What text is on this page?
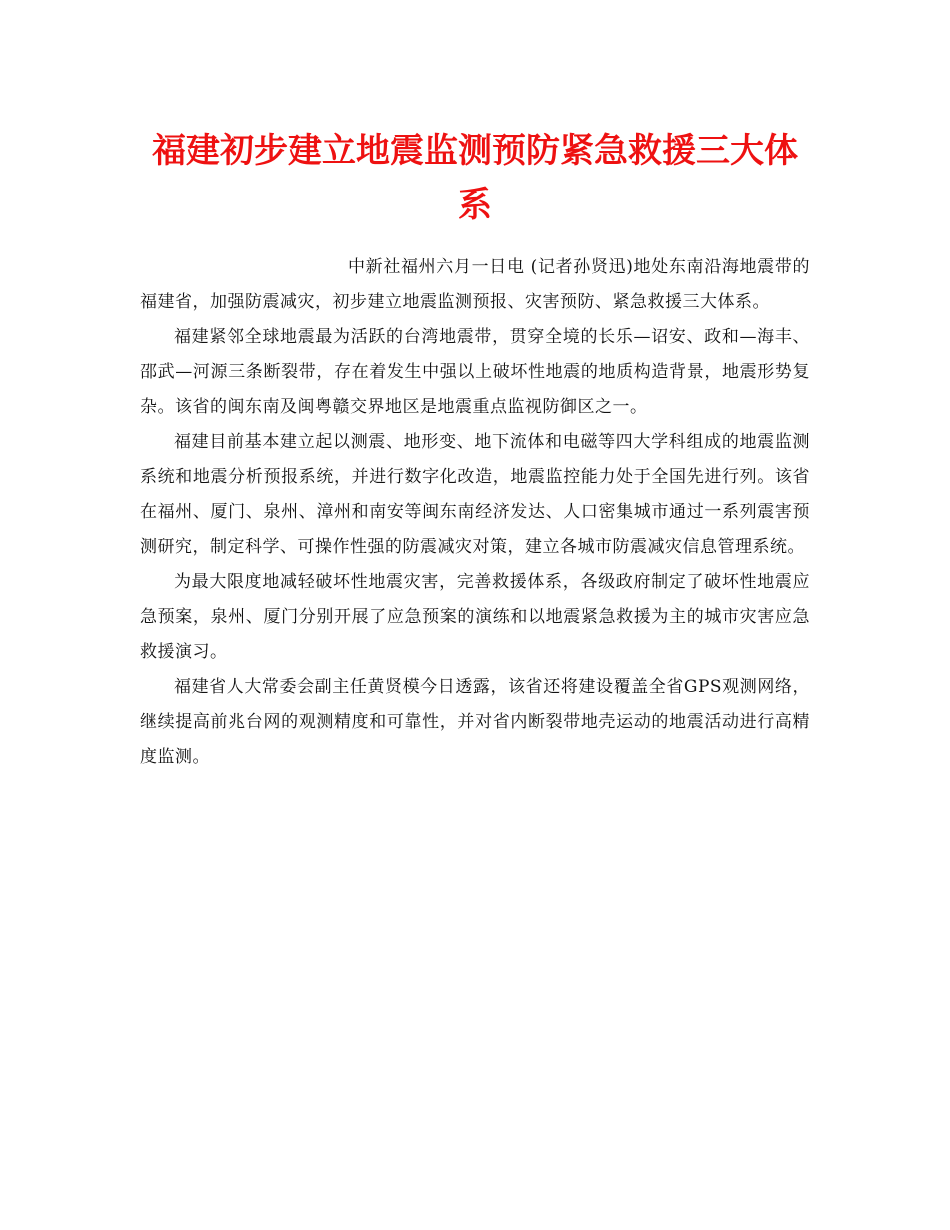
福建初步建立地震监测预防紧急救援三大体系

中新社福州六月一日电 (记者孙贤迅)地处东南沿海地震带的福建省，加强防震减灾，初步建立地震监测预报、灾害预防、紧急救援三大体系。

福建紧邻全球地震最为活跃的台湾地震带，贯穿全境的长乐—诏安、政和—海丰、邵武—河源三条断裂带，存在着发生中强以上破坏性地震的地质构造背景，地震形势复杂。该省的闽东南及闽粤赣交界地区是地震重点监视防御区之一。

福建目前基本建立起以测震、地形变、地下流体和电磁等四大学科组成的地震监测系统和地震分析预报系统，并进行数字化改造，地震监控能力处于全国先进行列。该省在福州、厦门、泉州、漳州和南安等闽东南经济发达、人口密集城市通过一系列震害预测研究，制定科学、可操作性强的防震减灾对策，建立各城市防震减灾信息管理系统。

为最大限度地减轻破坏性地震灾害，完善救援体系，各级政府制定了破坏性地震应急预案，泉州、厦门分别开展了应急预案的演练和以地震紧急救援为主的城市灾害应急救援演习。

福建省人大常委会副主任黄贤模今日透露，该省还将建设覆盖全省GPS观测网络，继续提高前兆台网的观测精度和可靠性，并对省内断裂带地壳运动的地震活动进行高精度监测。
